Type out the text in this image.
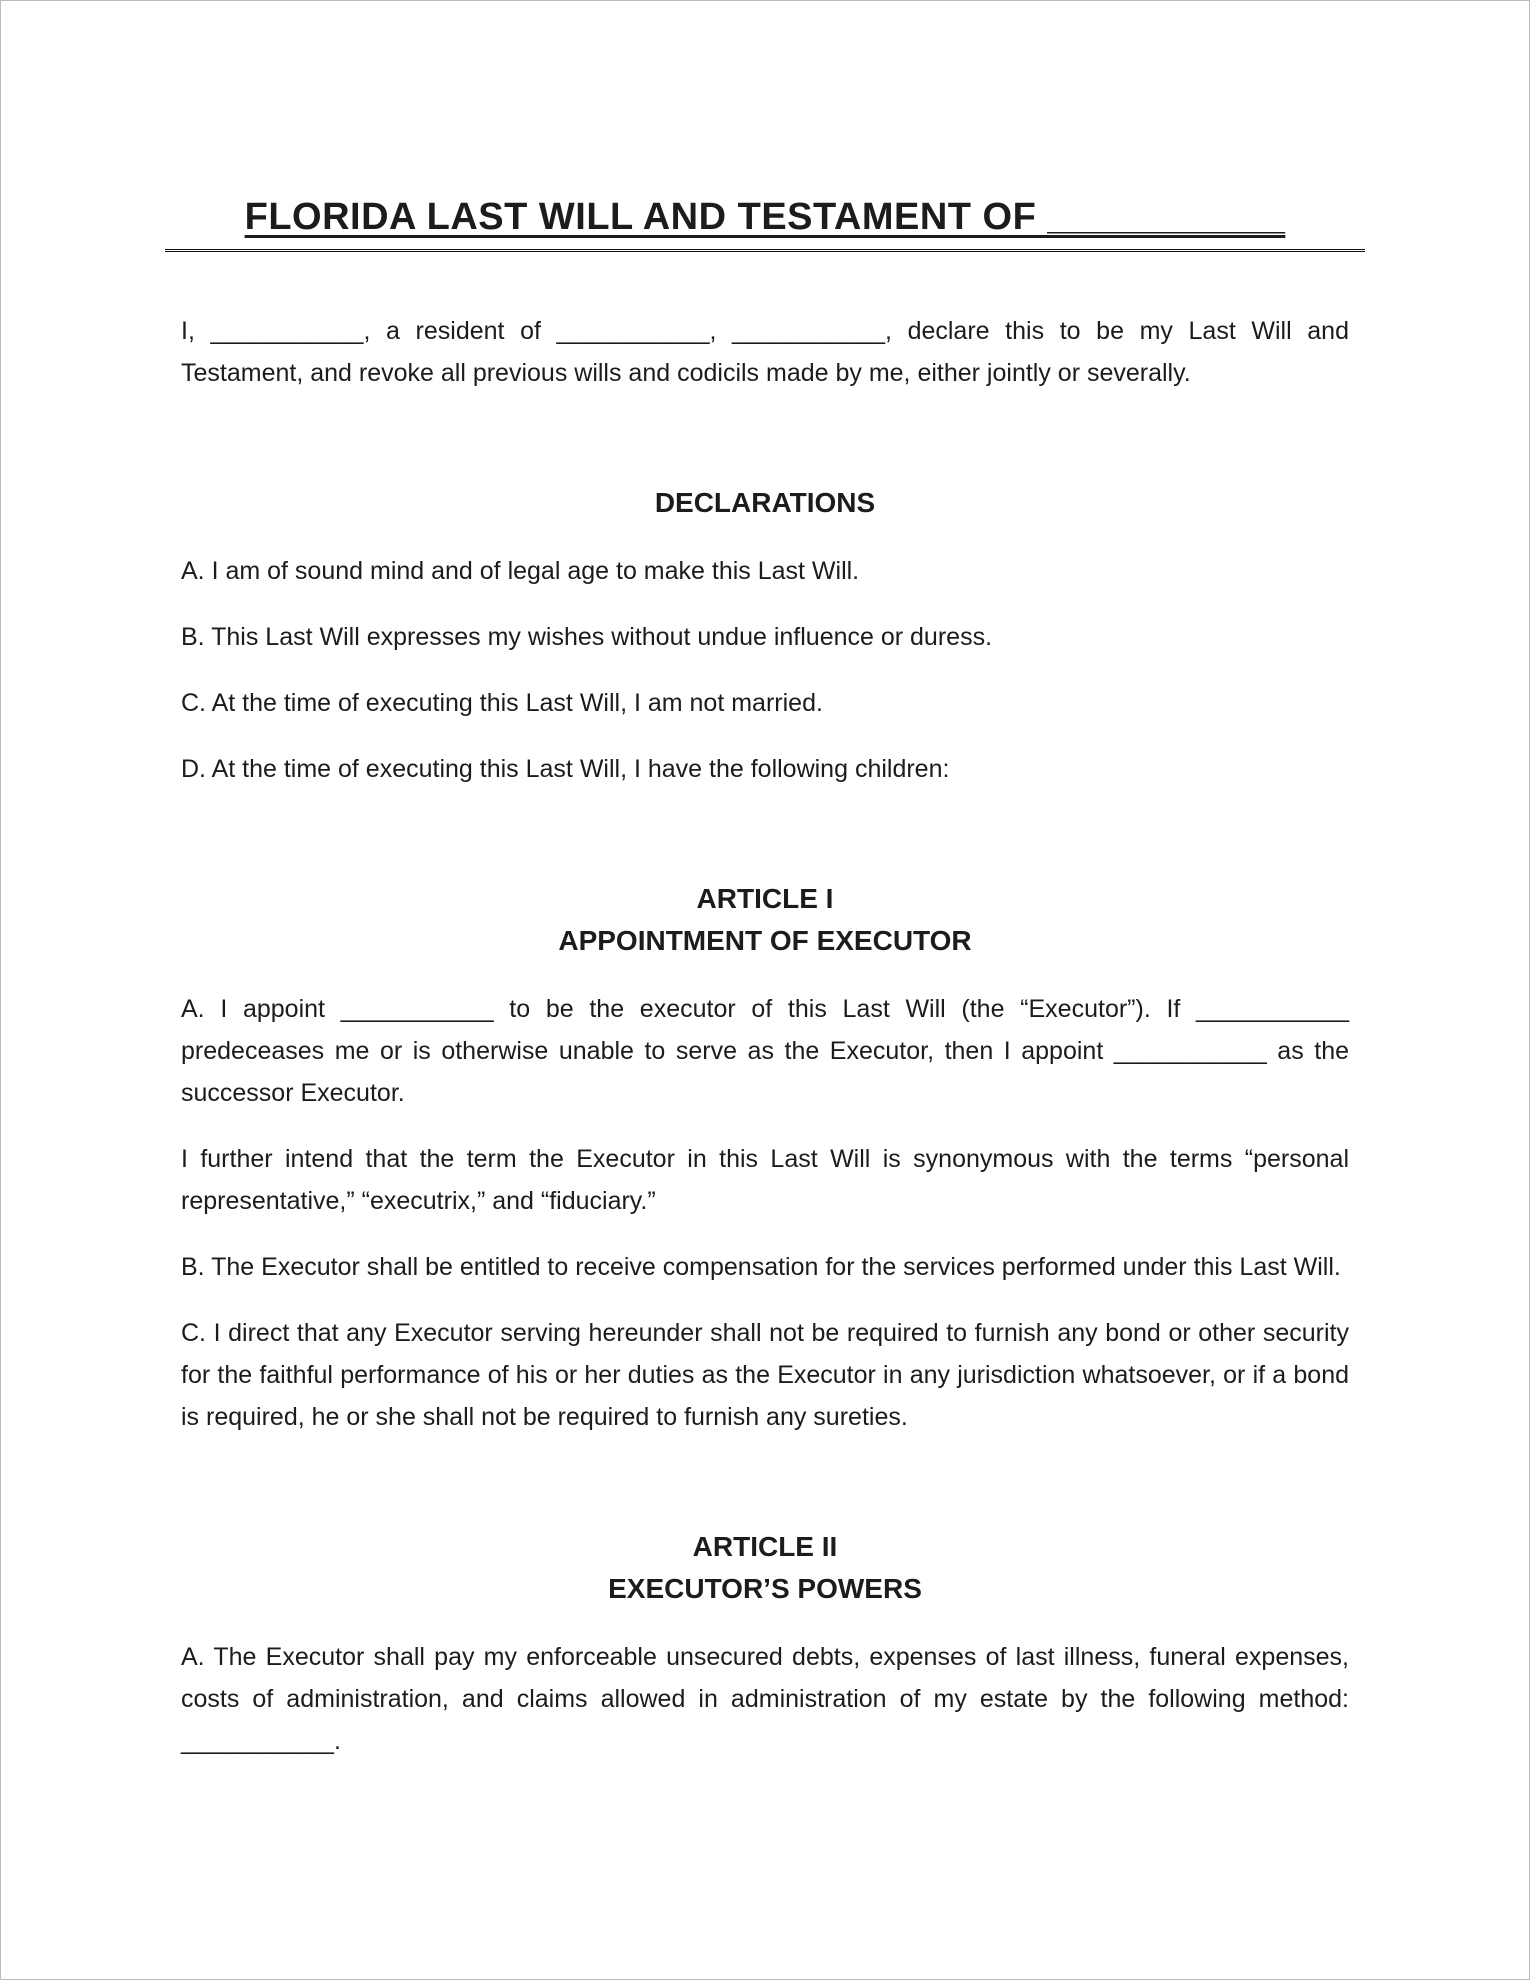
FLORIDA LAST WILL AND TESTAMENT OF ___________

I, ___________, a resident of ___________, ___________, declare this to be my Last Will and Testament, and revoke all previous wills and codicils made by me, either jointly or severally.

DECLARATIONS

A. I am of sound mind and of legal age to make this Last Will.

B. This Last Will expresses my wishes without undue influence or duress.

C. At the time of executing this Last Will, I am not married.

D. At the time of executing this Last Will, I have the following children:

ARTICLE I
APPOINTMENT OF EXECUTOR

A. I appoint ___________ to be the executor of this Last Will (the “Executor”). If ___________ predeceases me or is otherwise unable to serve as the Executor, then I appoint ___________ as the successor Executor.

I further intend that the term the Executor in this Last Will is synonymous with the terms “personal representative,” “executrix,” and “fiduciary.”

B. The Executor shall be entitled to receive compensation for the services performed under this Last Will.

C. I direct that any Executor serving hereunder shall not be required to furnish any bond or other security for the faithful performance of his or her duties as the Executor in any jurisdiction whatsoever, or if a bond is required, he or she shall not be required to furnish any sureties.

ARTICLE II
EXECUTOR’S POWERS

A. The Executor shall pay my enforceable unsecured debts, expenses of last illness, funeral expenses, costs of administration, and claims allowed in administration of my estate by the following method: ___________.
